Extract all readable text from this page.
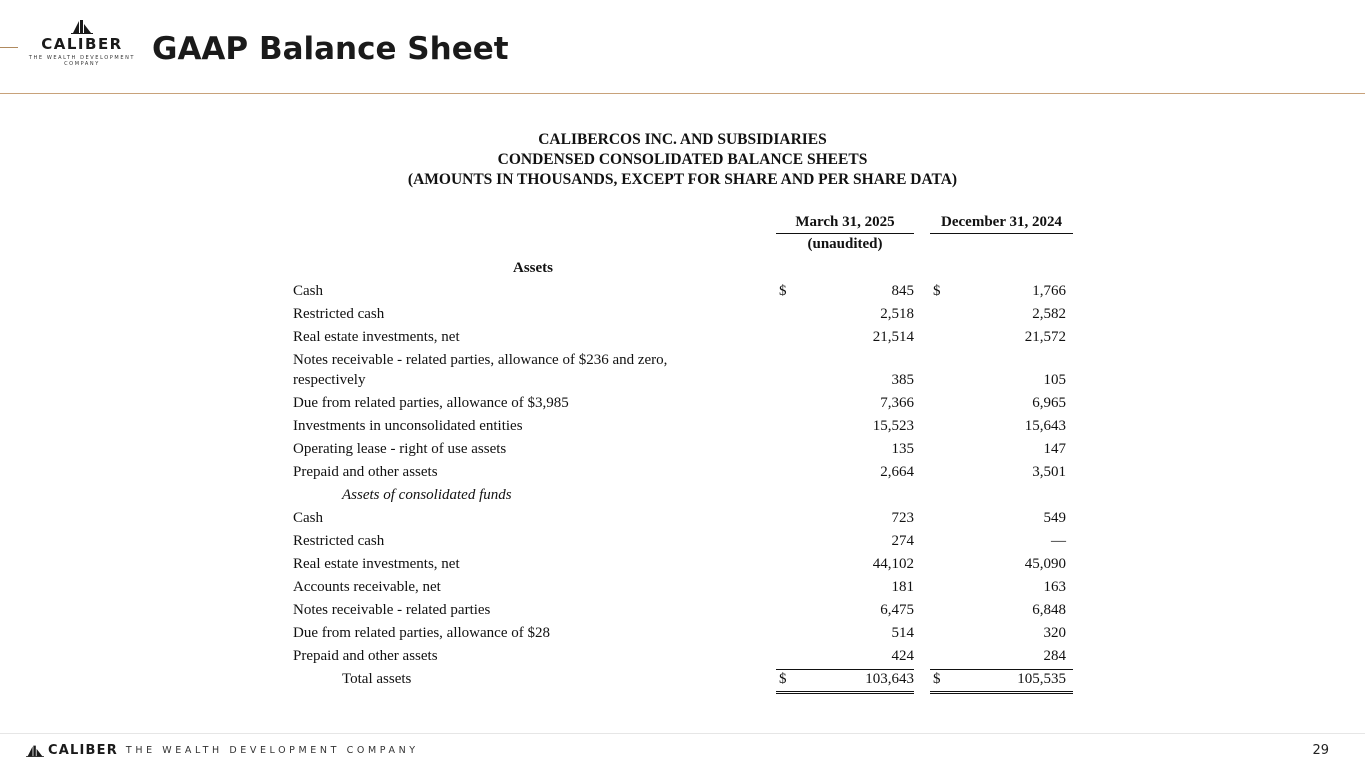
CALIBER
THE WEALTH DEVELOPMENT COMPANY	GAAP Balance Sheet
CALIBERCOS INC. AND SUBSIDIARIES
CONDENSED CONSOLIDATED BALANCE SHEETS
(AMOUNTS IN THOUSANDS, EXCEPT FOR SHARE AND PER SHARE DATA)
March 31, 2025	December 31, 2024
(unaudited)
Assets
Cash	$	845 $	1,766
Restricted cash	2,518	2,582
Real estate investments, net	21,514	21,572
Notes receivable - related parties, allowance of $236 and zero,
respectively	385	105
Due from related parties, allowance of $3,985	7,366	6,965
Investments in unconsolidated entities	15,523	15,643
Operating lease - right of use assets	135	147
Prepaid and other assets	2,664	3,501
Assets of consolidated funds
Cash	723	549
Restricted cash	274	—
Real estate investments, net	44,102	45,090
Accounts receivable, net	181	163
Notes receivable - related parties	6,475	6,848
Due from related parties, allowance of $28	514	320
Prepaid and other assets	424	284
Total assets	$	103,643 $	105,535
CALIBER THE WEALTH DEVELOPMENT COMPANY	29
